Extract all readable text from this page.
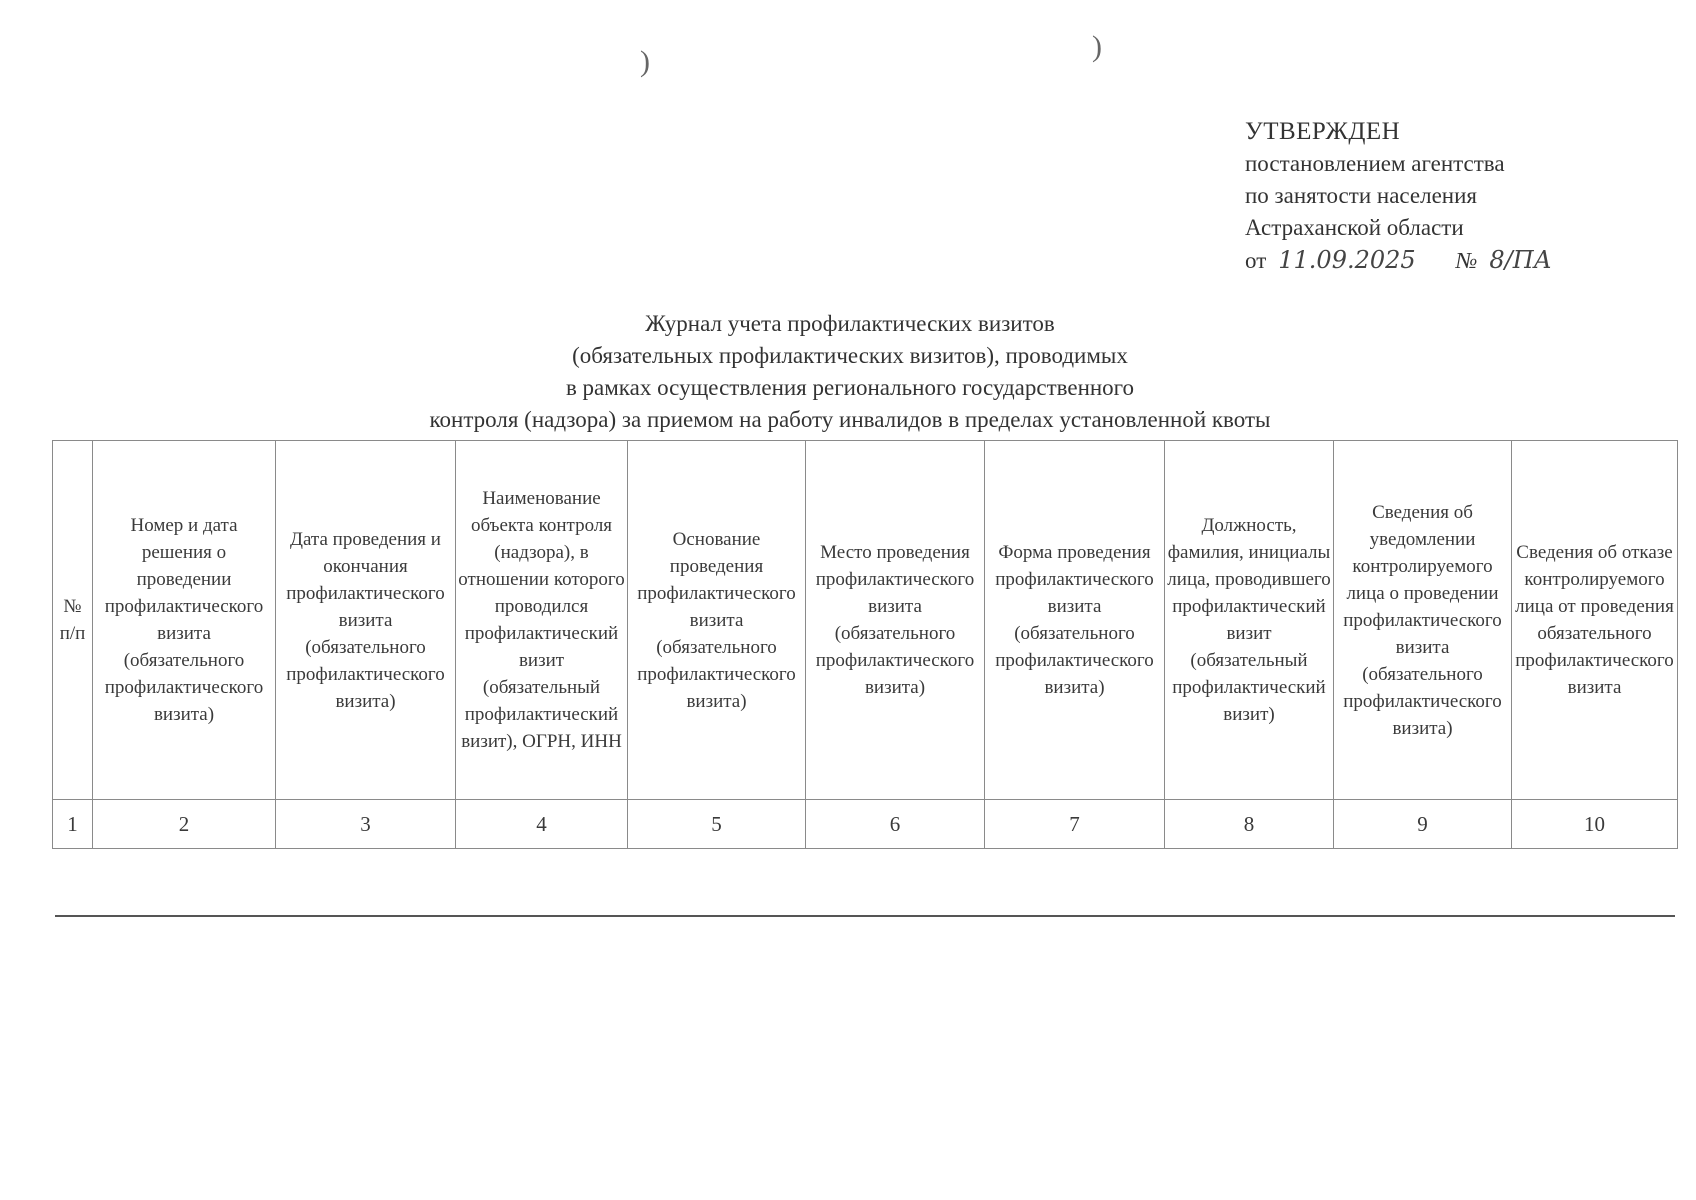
)	)
УТВЕРЖДЕН
постановлением агентства
по занятости населения
Астраханской области
от 11.09.2025 № 8/ПА
Журнал учета профилактических визитов
(обязательных профилактических визитов), проводимых
в рамках осуществления регионального государственного
контроля (надзора) за приемом на работу инвалидов в пределах установленной квоты
№ п/п	Номер и дата решения о проведении профилактического визита (обязательного профилактического визита)	Дата проведения и окончания профилактического визита (обязательного профилактического визита)	Наименование объекта контроля (надзора), в отношении которого проводился профилактический визит (обязательный профилактический визит), ОГРН, ИНН	Основание проведения профилактического визита (обязательного профилактического визита)	Место проведения профилактического визита (обязательного профилактического визита)	Форма проведения профилактического визита (обязательного профилактического визита)	Должность, фамилия, инициалы лица, проводившего профилактический визит (обязательный профилактический визит)	Сведения об уведомлении контролируемого лица о проведении профилактического визита (обязательного профилактического визита)	Сведения об отказе контролируемого лица от проведения обязательного профилактического визита
1	2	3	4	5	6	7	8	9	10
